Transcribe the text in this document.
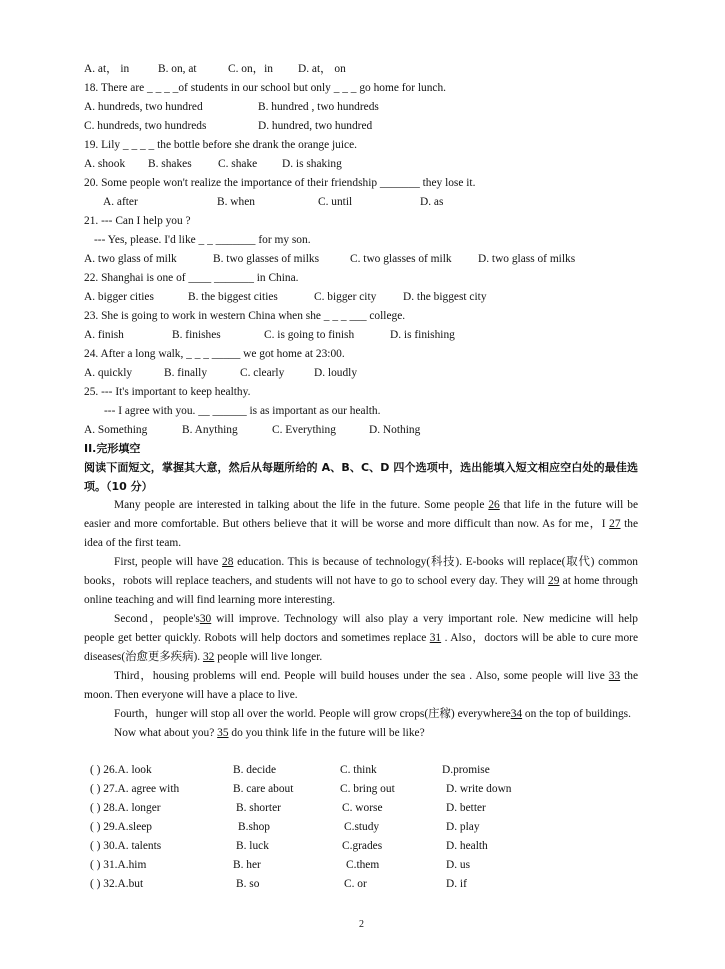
A. at， in	B. on, at	C. on，in D. at， on
18. There are _ _ _ _of students in our school but only _ _ _ go home for lunch.
A. hundreds, two hundred	B. hundred , two hundreds
C. hundreds, two hundreds	D. hundred, two hundred
19. Lily _ _ _ _ the bottle before she drank the orange juice.
A. shook B. shakes C. shake D. is shaking
20. Some people won't realize the importance of their friendship _______ they lose it.
A. after	B. when	C. until	D. as
21. --- Can I help you ?
--- Yes, please. I'd like _ _ _______ for my son.
A. two glass of milk	B. two glasses of milks	C. two glasses of milk D. two glass of milks
22. Shanghai is one of ____ _______ in China.
A. bigger cities	B. the biggest cities	C. bigger city D. the biggest city
23. She is going to work in western China when she _ _ _ ___ college.
A. finish	B. finishes	C. is going to finish	D. is finishing
24. After a long walk, _ _ _ _____ we got home at 23:00.
A. quickly	B. finally	C. clearly	D. loudly
25. --- It's important to keep healthy.
--- I agree with you. __ ______ is as important as our health.
A. Something	B. Anything	C. Everything	D. Nothing
II.完形填空
阅读下面短文，掌握其大意，然后从每题所给的 A、B、C、D 四个选项中，选出能填入短文相应空白处的最佳选项。（10 分）

Many people are interested in talking about the life in the future. Some people 26 that life in the future will be easier and more comfortable. But others believe that it will be worse and more difficult than now. As for me，I 27 the idea of the first team.

First, people will have 28 education. This is because of technology(科技). E-books will replace(取代) common books，robots will replace teachers, and students will not have to go to school every day. They will 29 at home through online teaching and will find learning more interesting.

Second，people's30 will improve. Technology will also play a very important role. New medicine will help people get better quickly. Robots will help doctors and sometimes replace 31 . Also，doctors will be able to cure more diseases(治愈更多疾病). 32 people will live longer.

Third，housing problems will end. People will build houses under the sea . Also, some people will live 33 the moon. Then everyone will have a place to live.

Fourth，hunger will stop all over the world. People will grow crops(庄稼) everywhere34 on the top of buildings.

Now what about you? 35 do you think life in the future will be like?

( ) 26.A. look	B. decide	C. think	D.promise
( ) 27.A. agree with	B. care about	C. bring out	D. write down
( ) 28.A. longer	B. shorter	C. worse	D. better
( ) 29.A.sleep	B.shop	C.study	D. play
( ) 30.A. talents	B. luck	C.grades	D. health
( ) 31.A.him	B. her	C.them	D. us
( ) 32.A.but	B. so	C. or	D. if
2
